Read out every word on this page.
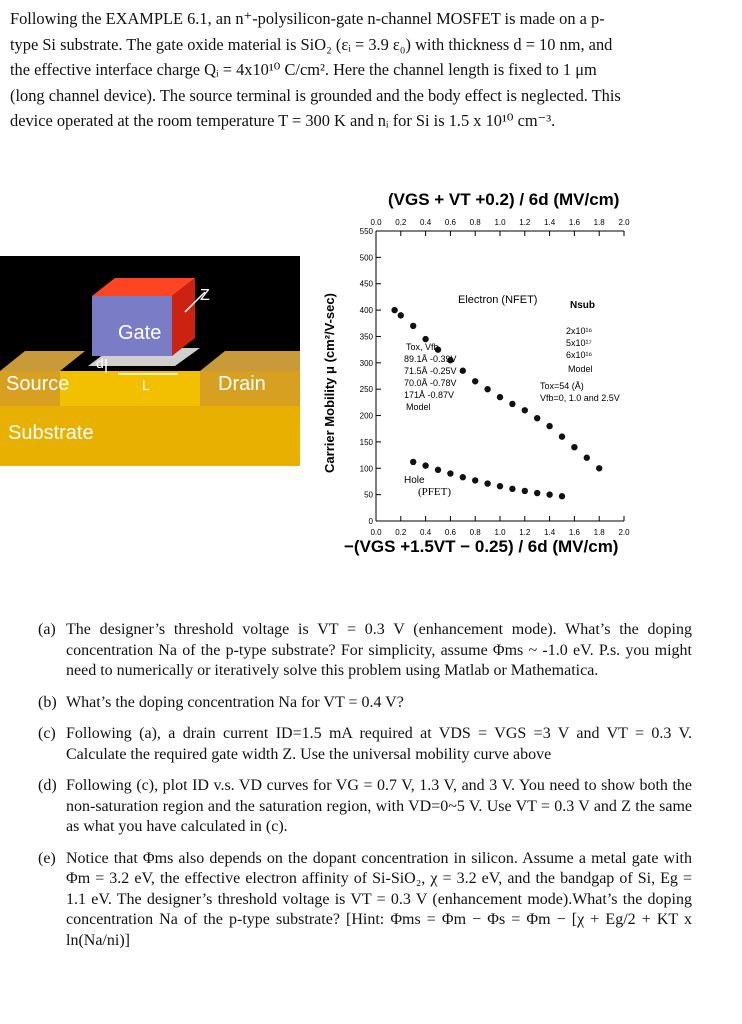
Following the EXAMPLE 6.1, an n⁺-polysilicon-gate n-channel MOSFET is made on a p-
type Si substrate. The gate oxide material is SiO₂ (εᵢ = 3.9 ε₀) with thickness d = 10 nm, and
the effective interface charge Qᵢ = 4x10¹⁰ C/cm². Here the channel length is fixed to 1 μm
(long channel device). The source terminal is grounded and the body effect is neglected. This
device operated at the room temperature T = 300 K and nᵢ for Si is 1.5 x 10¹⁰ cm⁻³.
Gate
Source	Drain
Substrate
Z
d
L
(VGS + VT +0.2) / 6d (MV/cm)
−(VGS +1.5VT − 0.25) / 6d (MV/cm)
Carrier Mobility μ (cm²/V-sec)
0.0
0.0
0.2
0.2
0.4
0.4
0.6
0.6
0.8
0.8
1.0
1.0
1.2
1.2
1.4
1.4
1.6
1.6
1.8
1.8
2.0
2.0
550
500
450
400
350
300
250
200
150
100
50
0
Electron (NFET)
Hole
(PFET)
Nsub
2x10¹⁶
5x10¹⁷
6x10¹⁶
Model
Tox, Vfb
89.1Å -0.39V
71.5Å -0.25V
70.0Å -0.78V
171Å -0.87V
Model
Tox=54 (Å)
Vfb=0, 1.0 and 2.5V
(a) The designer’s threshold voltage is VT = 0.3 V (enhancement mode). What’s the doping concentration Na of the p-type substrate? For simplicity, assume Φms ~ -1.0 eV. P.s. you might need to numerically or iteratively solve this problem using Matlab or Mathematica.
(b) What’s the doping concentration Na for VT = 0.4 V?
(c) Following (a), a drain current ID=1.5 mA required at VDS = VGS =3 V and VT = 0.3 V. Calculate the required gate width Z. Use the universal mobility curve above
(d) Following (c), plot ID v.s. VD curves for VG = 0.7 V, 1.3 V, and 3 V. You need to show both the non-saturation region and the saturation region, with VD=0~5 V. Use VT = 0.3 V and Z the same as what you have calculated in (c).
(e) Notice that Φms also depends on the dopant concentration in silicon. Assume a metal gate with Φm = 3.2 eV, the effective electron affinity of Si-SiO₂, χ = 3.2 eV, and the bandgap of Si, Eg = 1.1 eV. The designer’s threshold voltage is VT = 0.3 V (enhancement mode).What’s the doping concentration Na of the p-type substrate? [Hint: Φms = Φm − Φs = Φm − [χ + Eg/2 + KT x ln(Na/ni)]
